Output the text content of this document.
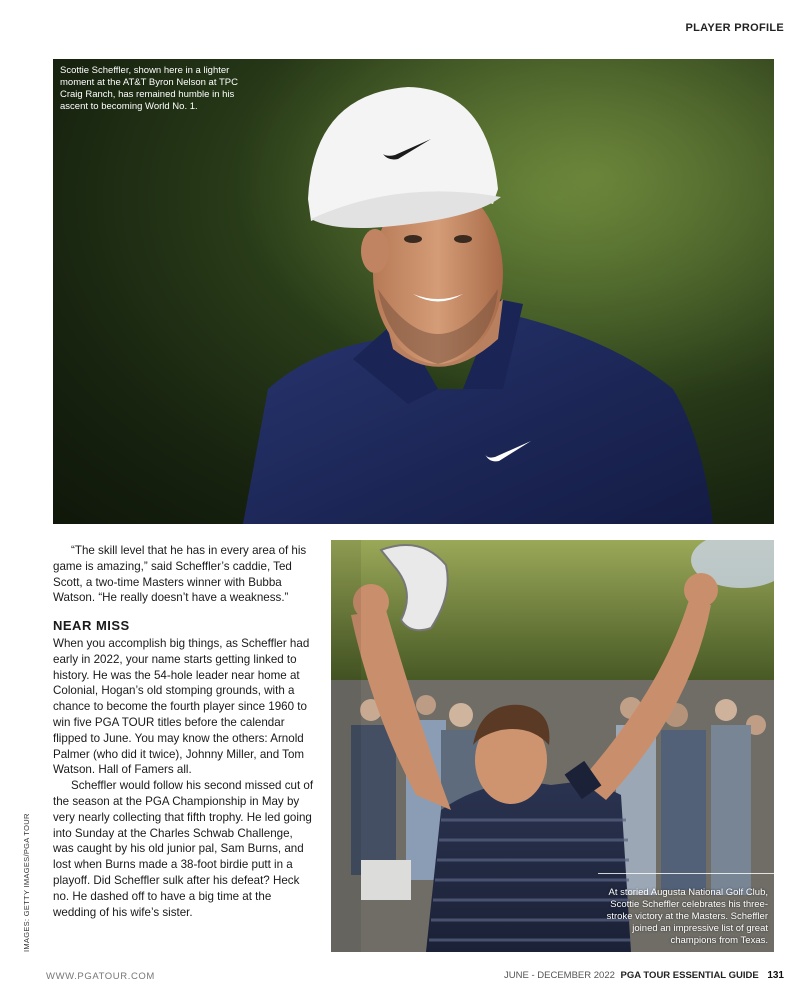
PLAYER PROFILE
Scottie Scheffler, shown here in a lighter moment at the AT&T Byron Nelson at TPC Craig Ranch, has remained humble in his ascent to becoming World No. 1.

“The skill level that he has in every area of his game is amazing,” said Scheffler’s caddie, Ted Scott, a two-time Masters winner with Bubba Watson. “He really doesn’t have a weakness.”

NEAR MISS

When you accomplish big things, as Scheffler had early in 2022, your name starts getting linked to history. He was the 54-hole leader near home at Colonial, Hogan’s old stomping grounds, with a chance to become the fourth player since 1960 to win five PGA TOUR titles before the calendar flipped to June. You may know the others: Arnold Palmer (who did it twice), Johnny Miller, and Tom Watson. Hall of Famers all.

Scheffler would follow his second missed cut of the season at the PGA Championship in May by very nearly collecting that fifth trophy. He led going into Sunday at the Charles Schwab Challenge, was caught by his old junior pal, Sam Burns, and lost when Burns made a 38-foot birdie putt in a playoff. Did Scheffler sulk after his defeat? Heck no. He dashed off to have a big time at the wedding of his wife’s sister.

At storied Augusta National Golf Club, Scottie Scheffler celebrates his three-stroke victory at the Masters. Scheffler joined an impressive list of great champions from Texas.
IMAGES: GETTY IMAGES/PGA TOUR
WWW.PGATOUR.COM	JUNE - DECEMBER 2022 PGA TOUR ESSENTIAL GUIDE 131
